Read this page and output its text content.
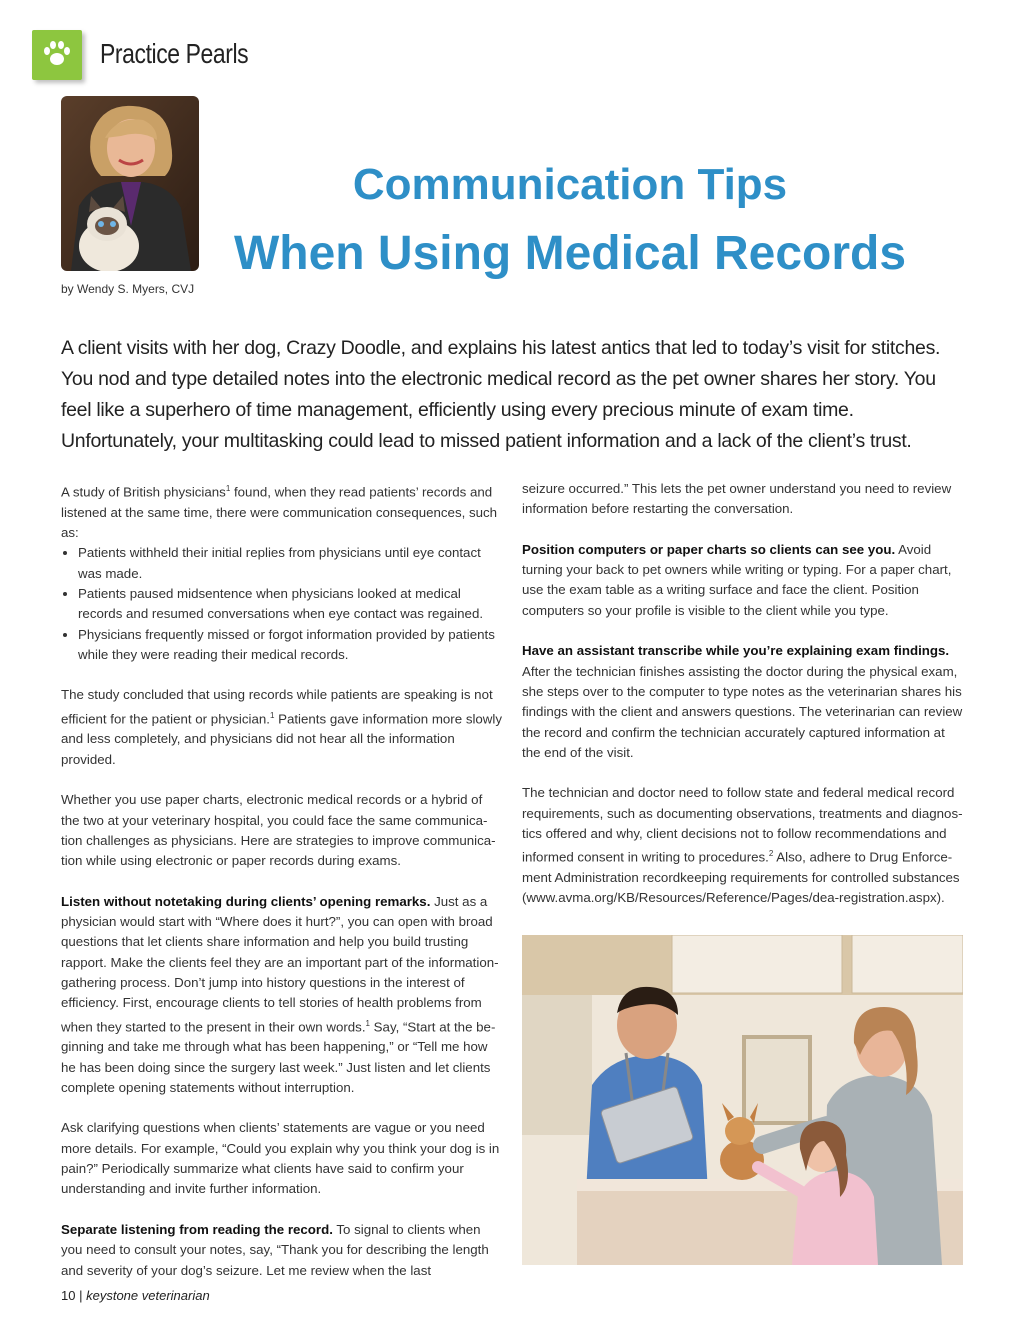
Practice Pearls
by Wendy S. Myers, CVJ
Communication Tips
When Using Medical Records

A client visits with her dog, Crazy Doodle, and explains his latest antics that led to today’s visit for stitches. You nod and type detailed notes into the electronic medical record as the pet owner shares her story. You feel like a superhero of time management, efficiently using every precious minute of exam time. Unfortunately, your multitasking could lead to missed patient information and a lack of the client’s trust.

A study of British physicians$^1$ found, when they read patients’ records and listened at the same time, there were communication consequences, such as:

• Patients withheld their initial replies from physicians until eye contact was made.
• Patients paused midsentence when physicians looked at medical records and resumed conversations when eye contact was regained.
• Physicians frequently missed or forgot information provided by patients while they were reading their medical records.

The study concluded that using records while patients are speaking is not efficient for the patient or physician.$^1$ Patients gave information more slowly and less completely, and physicians did not hear all the information provided.

Whether you use paper charts, electronic medical records or a hybrid of the two at your veterinary hospital, you could face the same communication challenges as physicians. Here are strategies to improve communication while using electronic or paper records during exams.

Listen without notetaking during clients’ opening remarks. Just as a physician would start with “Where does it hurt?”, you can open with broad questions that let clients share information and help you build trusting rapport. Make the clients feel they are an important part of the information-gathering process. Don’t jump into history questions in the interest of efficiency. First, encourage clients to tell stories of health problems from when they started to the present in their own words.$^1$ Say, “Start at the beginning and take me through what has been happening,” or “Tell me how he has been doing since the surgery last week.” Just listen and let clients complete opening statements without interruption.

Ask clarifying questions when clients’ statements are vague or you need more details. For example, “Could you explain why you think your dog is in pain?” Periodically summarize what clients have said to confirm your understanding and invite further information.

Separate listening from reading the record. To signal to clients when you need to consult your notes, say, “Thank you for describing the length and severity of your dog’s seizure. Let me review when the last

seizure occurred.” This lets the pet owner understand you need to review information before restarting the conversation.

Position computers or paper charts so clients can see you. Avoid turning your back to pet owners while writing or typing. For a paper chart, use the exam table as a writing surface and face the client. Position computers so your profile is visible to the client while you type.

Have an assistant transcribe while you’re explaining exam findings. After the technician finishes assisting the doctor during the physical exam, she steps over to the computer to type notes as the veterinarian shares his findings with the client and answers questions. The veterinarian can review the record and confirm the technician accurately captured information at the end of the visit.

The technician and doctor need to follow state and federal medical record requirements, such as documenting observations, treatments and diagnostics offered and why, client decisions not to follow recommendations and informed consent in writing to procedures.$^2$ Also, adhere to Drug Enforcement Administration recordkeeping requirements for controlled substances (www.avma.org/KB/Resources/Reference/Pages/dea-registration.aspx).

10 | keystone veterinarian
